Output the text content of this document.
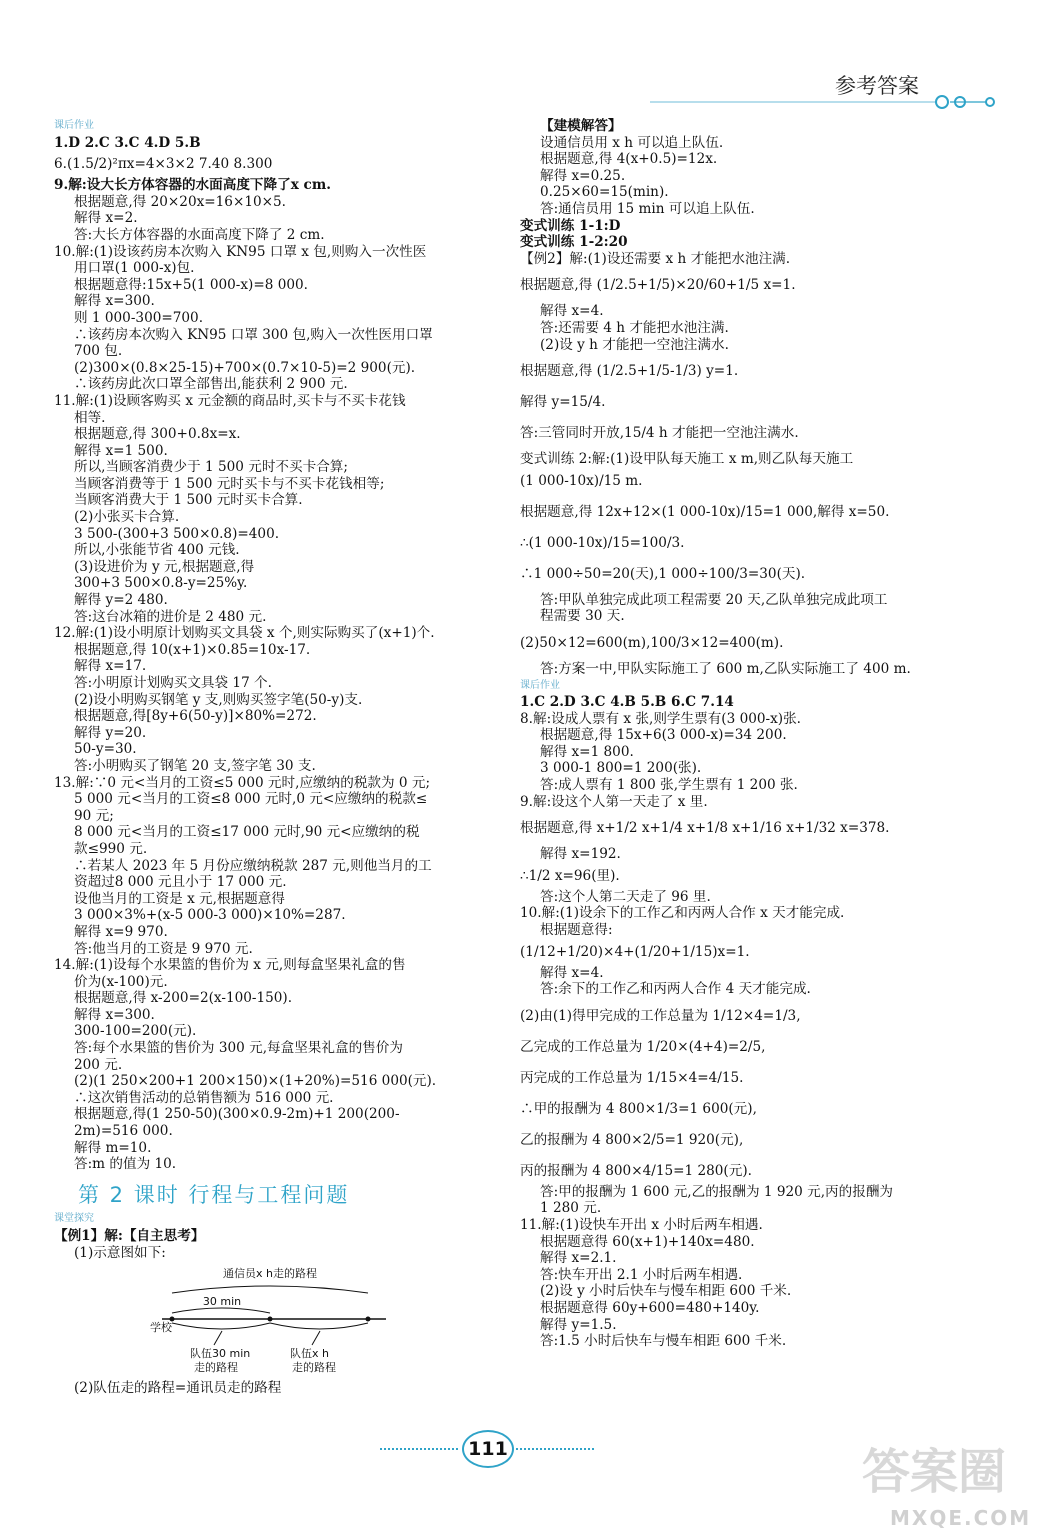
参考答案
课后作业
1.D 2.C 3.C 4.D 5.B
6.(1.5/2)²πx=4×3×2 7.40 8.300
9.解:设大长方体容器的水面高度下降了x cm.
根据题意,得 20×20x=16×10×5.
解得 x=2.
答:大长方体容器的水面高度下降了 2 cm.
10.解:(1)设该药房本次购入 KN95 口罩 x 包,则购入一次性医
用口罩(1 000-x)包.
根据题意得:15x+5(1 000-x)=8 000.
解得 x=300.
则 1 000-300=700.
∴该药房本次购入 KN95 口罩 300 包,购入一次性医用口罩
700 包.
(2)300×(0.8×25-15)+700×(0.7×10-5)=2 900(元).
∴该药房此次口罩全部售出,能获利 2 900 元.
11.解:(1)设顾客购买 x 元金额的商品时,买卡与不买卡花钱
相等.
根据题意,得 300+0.8x=x.
解得 x=1 500.
所以,当顾客消费少于 1 500 元时不买卡合算;
当顾客消费等于 1 500 元时买卡与不买卡花钱相等;
当顾客消费大于 1 500 元时买卡合算.
(2)小张买卡合算.
3 500-(300+3 500×0.8)=400.
所以,小张能节省 400 元钱.
(3)设进价为 y 元,根据题意,得
300+3 500×0.8-y=25%y.
解得 y=2 480.
答:这台冰箱的进价是 2 480 元.
12.解:(1)设小明原计划购买文具袋 x 个,则实际购买了(x+1)个.
根据题意,得 10(x+1)×0.85=10x-17.
解得 x=17.
答:小明原计划购买文具袋 17 个.
(2)设小明购买钢笔 y 支,则购买签字笔(50-y)支.
根据题意,得[8y+6(50-y)]×80%=272.
解得 y=20.
50-y=30.
答:小明购买了钢笔 20 支,签字笔 30 支.
13.解:∵0 元<当月的工资≤5 000 元时,应缴纳的税款为 0 元;
5 000 元<当月的工资≤8 000 元时,0 元<应缴纳的税款≤
90 元;
8 000 元<当月的工资≤17 000 元时,90 元<应缴纳的税
款≤990 元.
∴若某人 2023 年 5 月份应缴纳税款 287 元,则他当月的工
资超过8 000 元且小于 17 000 元.
设他当月的工资是 x 元,根据题意得
3 000×3%+(x-5 000-3 000)×10%=287.
解得 x=9 970.
答:他当月的工资是 9 970 元.
14.解:(1)设每个水果篮的售价为 x 元,则每盒坚果礼盒的售
价为(x-100)元.
根据题意,得 x-200=2(x-100-150).
解得 x=300.
300-100=200(元).
答:每个水果篮的售价为 300 元,每盒坚果礼盒的售价为
200 元.
(2)(1 250×200+1 200×150)×(1+20%)=516 000(元).
∴这次销售活动的总销售额为 516 000 元.
根据题意,得(1 250-50)(300×0.9-2m)+1 200(200-
2m)=516 000.
解得 m=10.
答:m 的值为 10.
第 2 课时 行程与工程问题
课堂探究
【例1】解:【自主思考】
(1)示意图如下:
通信员x h走的路程
30 min
学校
队伍30 min
走的路程
队伍x h
走的路程
(2)队伍走的路程=通讯员走的路程
【建模解答】
设通信员用 x h 可以追上队伍.
根据题意,得 4(x+0.5)=12x.
解得 x=0.25.
0.25×60=15(min).
答:通信员用 15 min 可以追上队伍.
变式训练 1-1:D
变式训练 1-2:20
【例2】解:(1)设还需要 x h 才能把水池注满.
根据题意,得 (1/2.5+1/5)×20/60+1/5 x=1.
解得 x=4.
答:还需要 4 h 才能把水池注满.
(2)设 y h 才能把一空池注满水.
根据题意,得 (1/2.5+1/5-1/3) y=1.
解得 y=15/4.
答:三管同时开放,15/4 h 才能把一空池注满水.
变式训练 2:解:(1)设甲队每天施工 x m,则乙队每天施工
(1 000-10x)/15 m.
根据题意,得 12x+12×(1 000-10x)/15=1 000,解得 x=50.
∴(1 000-10x)/15=100/3.
∴1 000÷50=20(天),1 000÷100/3=30(天).
答:甲队单独完成此项工程需要 20 天,乙队单独完成此项工
程需要 30 天.
(2)50×12=600(m),100/3×12=400(m).
答:方案一中,甲队实际施工了 600 m,乙队实际施工了 400 m.
课后作业
1.C 2.D 3.C 4.B 5.B 6.C 7.14
8.解:设成人票有 x 张,则学生票有(3 000-x)张.
根据题意,得 15x+6(3 000-x)=34 200.
解得 x=1 800.
3 000-1 800=1 200(张).
答:成人票有 1 800 张,学生票有 1 200 张.
9.解:设这个人第一天走了 x 里.
根据题意,得 x+1/2 x+1/4 x+1/8 x+1/16 x+1/32 x=378.
解得 x=192.
∴1/2 x=96(里).
答:这个人第二天走了 96 里.
10.解:(1)设余下的工作乙和丙两人合作 x 天才能完成.
根据题意得:
(1/12+1/20)×4+(1/20+1/15)x=1.
解得 x=4.
答:余下的工作乙和丙两人合作 4 天才能完成.
(2)由(1)得甲完成的工作总量为 1/12×4=1/3,
乙完成的工作总量为 1/20×(4+4)=2/5,
丙完成的工作总量为 1/15×4=4/15.
∴甲的报酬为 4 800×1/3=1 600(元),
乙的报酬为 4 800×2/5=1 920(元),
丙的报酬为 4 800×4/15=1 280(元).
答:甲的报酬为 1 600 元,乙的报酬为 1 920 元,丙的报酬为
1 280 元.
11.解:(1)设快车开出 x 小时后两车相遇.
根据题意得 60(x+1)+140x=480.
解得 x=2.1.
答:快车开出 2.1 小时后两车相遇.
(2)设 y 小时后快车与慢车相距 600 千米.
根据题意得 60y+600=480+140y.
解得 y=1.5.
答:1.5 小时后快车与慢车相距 600 千米.
111	答案圈
MXQE.COM
